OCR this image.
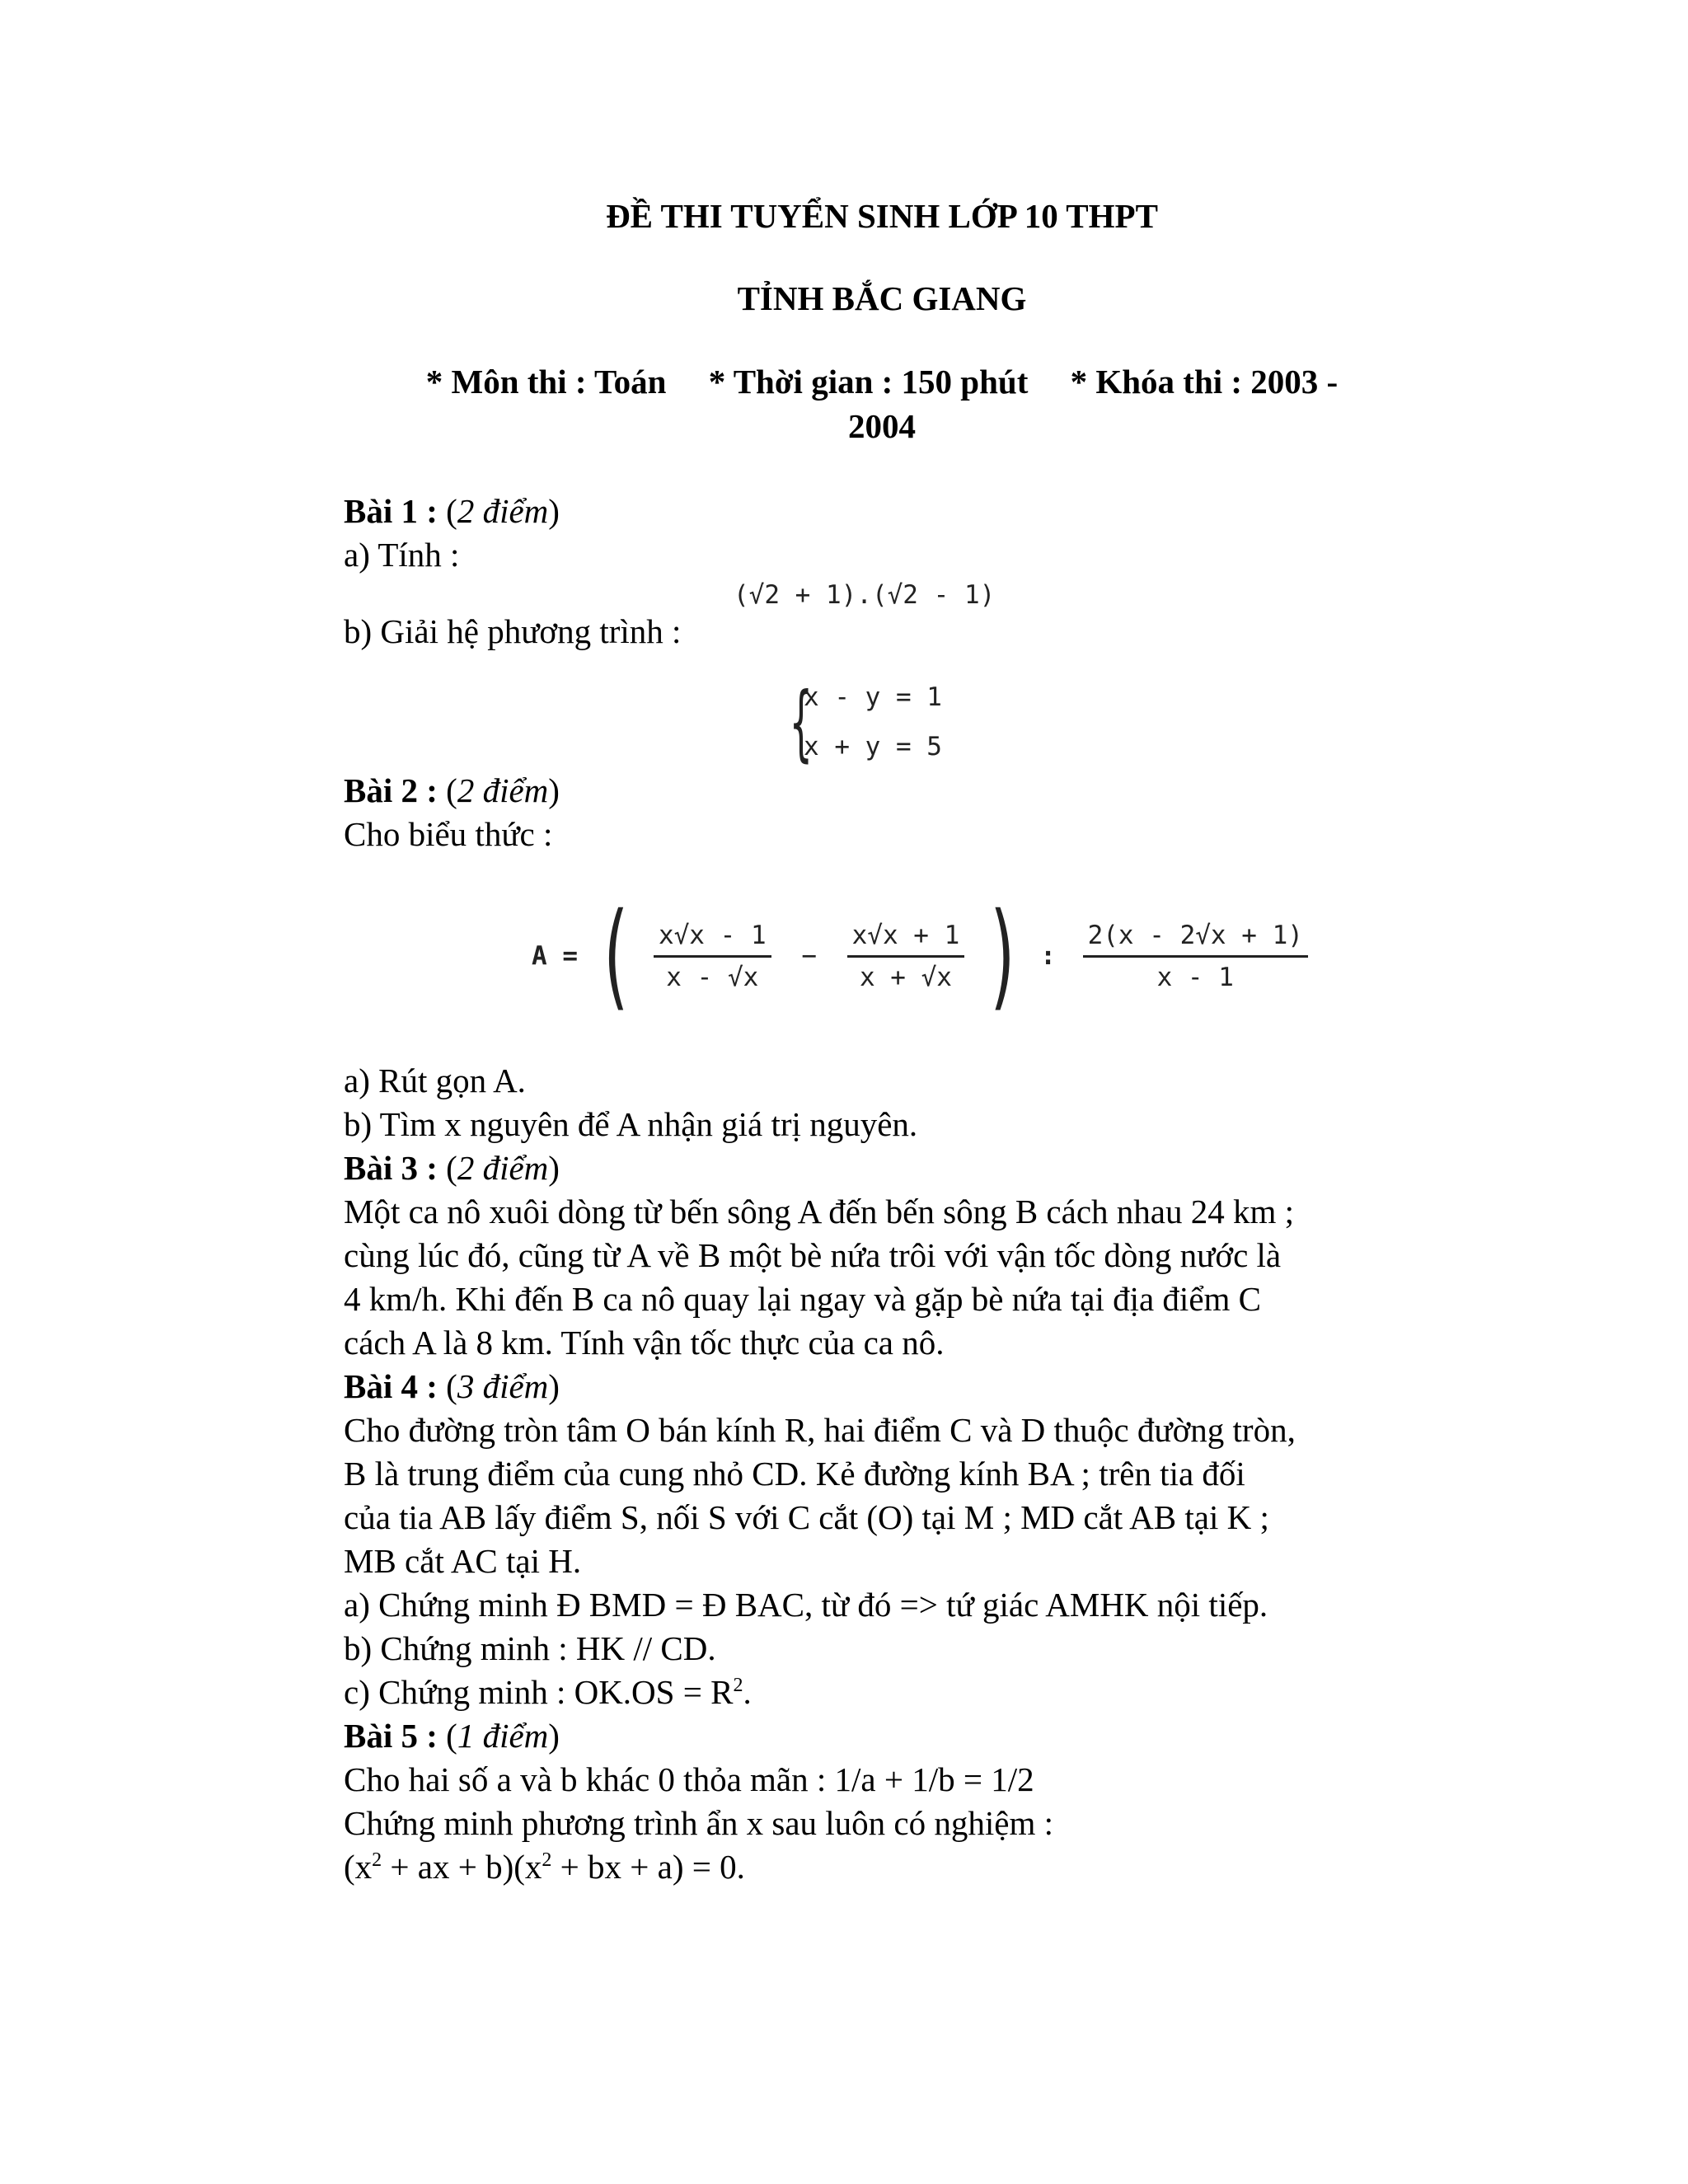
ĐỀ THI TUYỂN SINH LỚP 10 THPT
TỈNH BẮC GIANG
* Môn thi : Toán * Thời gian : 150 phút * Khóa thi : 2003 -
2004
Bài 1 : (2 điểm)
a) Tính :
(√2 + 1).(√2 - 1)
b) Giải hệ phương trình :
{
x - y = 1
x + y = 5
Bài 2 : (2 điểm)
Cho biểu thức :
A = ( $\frac{x√x - 1}{x - √x} - \frac{x√x + 1}{x + √x}$ ) : $\frac{2(x - 2√x + 1)}{x - 1}$
a) Rút gọn A.
b) Tìm x nguyên để A nhận giá trị nguyên.
Bài 3 : (2 điểm)
Một ca nô xuôi dòng từ bến sông A đến bến sông B cách nhau 24 km ;
cùng lúc đó, cũng từ A về B một bè nứa trôi với vận tốc dòng nước là
4 km/h. Khi đến B ca nô quay lại ngay và gặp bè nứa tại địa điểm C
cách A là 8 km. Tính vận tốc thực của ca nô.
Bài 4 : (3 điểm)
Cho đường tròn tâm O bán kính R, hai điểm C và D thuộc đường tròn,
B là trung điểm của cung nhỏ CD. Kẻ đường kính BA ; trên tia đối
của tia AB lấy điểm S, nối S với C cắt (O) tại M ; MD cắt AB tại K ;
MB cắt AC tại H.
a) Chứng minh Đ BMD = Đ BAC, từ đó => tứ giác AMHK nội tiếp.
b) Chứng minh : HK // CD.
c) Chứng minh : $OK.OS = R^2$.
Bài 5 : (1 điểm)
Cho hai số a và b khác 0 thỏa mãn : 1/a + 1/b = 1/2
Chứng minh phương trình ẩn x sau luôn có nghiệm :
($x^2$ + ax + $b)(x^2$ + bx + a) = 0.
